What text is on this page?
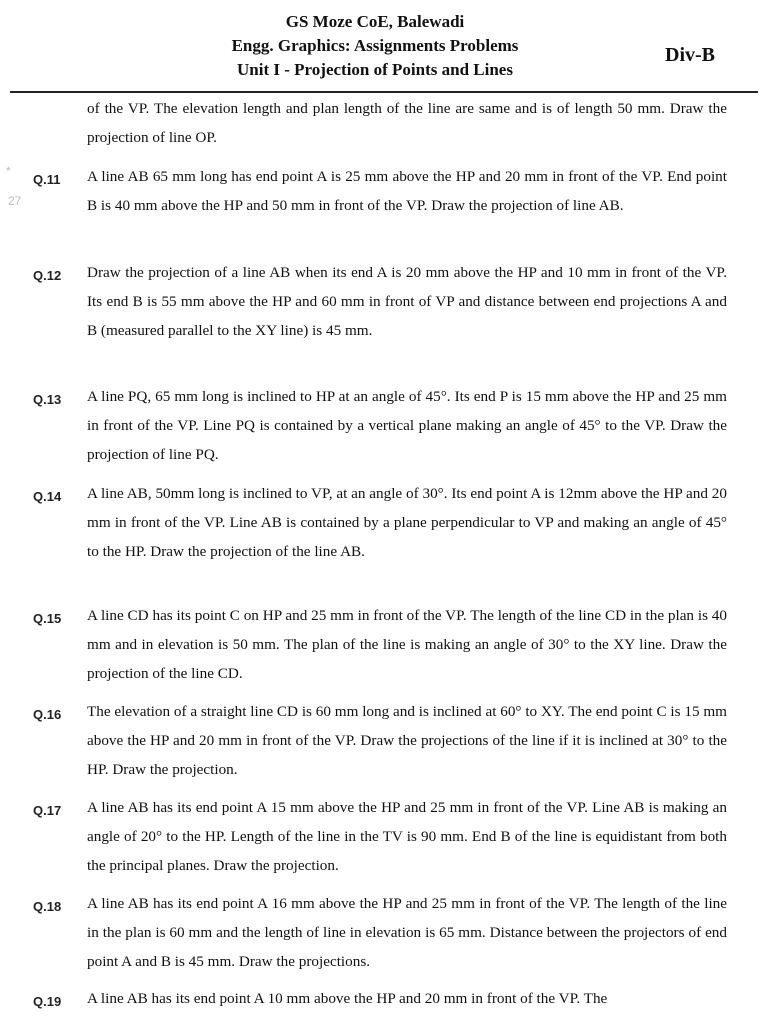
GS Moze CoE, Balewadi
Engg. Graphics: Assignments Problems
Unit I - Projection of Points and Lines
Div-B
of the VP. The elevation length and plan length of the line are same and is of length 50 mm. Draw the projection of line OP.
*
27
Q.11	A line AB 65 mm long has end point A is 25 mm above the HP and 20 mm in front of the VP. End point B is 40 mm above the HP and 50 mm in front of the VP. Draw the projection of line AB.
Q.12	Draw the projection of a line AB when its end A is 20 mm above the HP and 10 mm in front of the VP. Its end B is 55 mm above the HP and 60 mm in front of VP and distance between end projections A and B (measured parallel to the XY line) is 45 mm.
Q.13	A line PQ, 65 mm long is inclined to HP at an angle of 45°. Its end P is 15 mm above the HP and 25 mm in front of the VP. Line PQ is contained by a vertical plane making an angle of 45° to the VP. Draw the projection of line PQ.
Q.14	A line AB, 50mm long is inclined to VP, at an angle of 30°. Its end point A is 12mm above the HP and 20 mm in front of the VP. Line AB is contained by a plane perpendicular to VP and making an angle of 45° to the HP. Draw the projection of the line AB.
Q.15	A line CD has its point C on HP and 25 mm in front of the VP. The length of the line CD in the plan is 40 mm and in elevation is 50 mm. The plan of the line is making an angle of 30° to the XY line. Draw the projection of the line CD.
Q.16	The elevation of a straight line CD is 60 mm long and is inclined at 60° to XY. The end point C is 15 mm above the HP and 20 mm in front of the VP. Draw the projections of the line if it is inclined at 30° to the HP. Draw the projection.
Q.17	A line AB has its end point A 15 mm above the HP and 25 mm in front of the VP. Line AB is making an angle of 20° to the HP. Length of the line in the TV is 90 mm. End B of the line is equidistant from both the principal planes. Draw the projection.
Q.18	A line AB has its end point A 16 mm above the HP and 25 mm in front of the VP. The length of the line in the plan is 60 mm and the length of line in elevation is 65 mm. Distance between the projectors of end point A and B is 45 mm. Draw the projections.
Q.19	A line AB has its end point A 10 mm above the HP and 20 mm in front of the VP. The
